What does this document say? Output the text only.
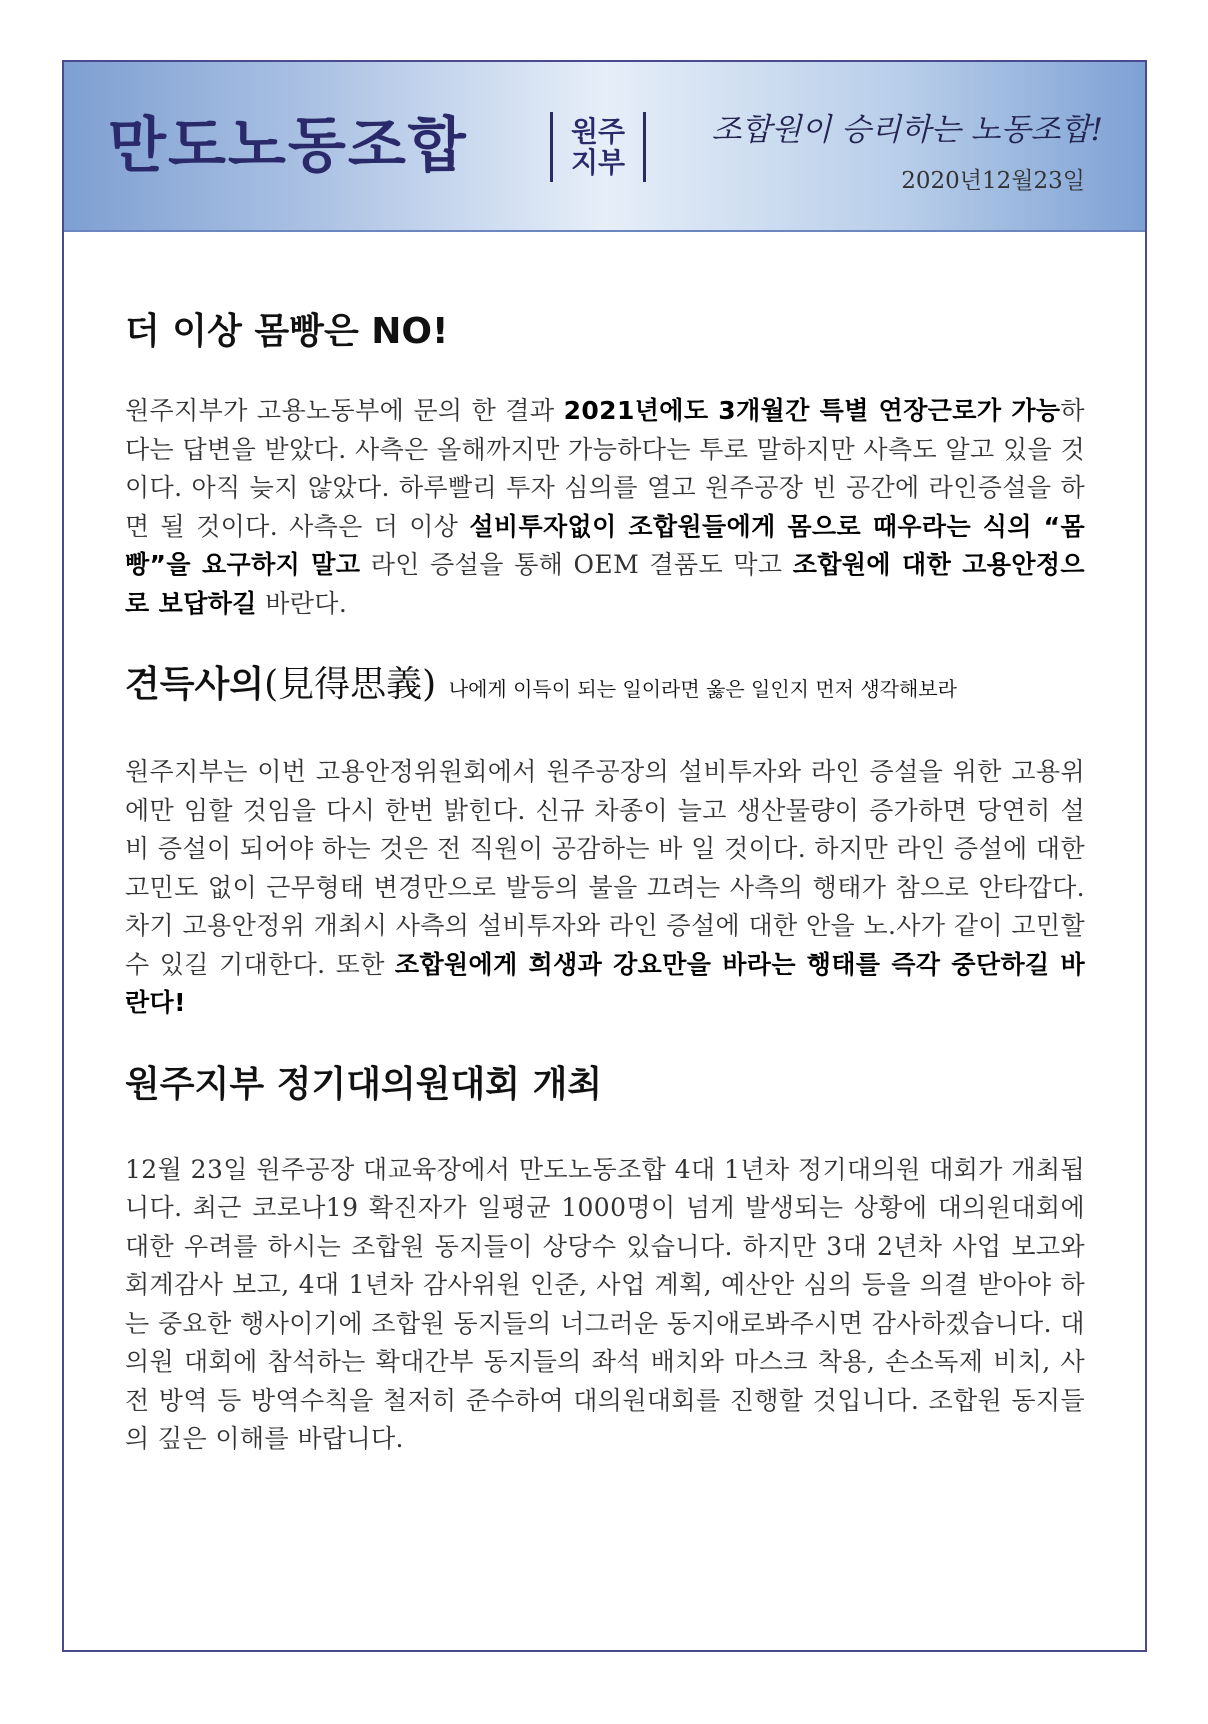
만도노동조합	원주지부
조합원이 승리하는 노동조합!
2020년12월23일
더 이상 몸빵은 NO!

원주지부가 고용노동부에 문의 한 결과 2021년에도 3개월간 특별 연장근로가 가능하다는 답변을 받았다. 사측은 올해까지만 가능하다는 투로 말하지만 사측도 알고 있을 것이다. 아직 늦지 않았다. 하루빨리 투자 심의를 열고 원주공장 빈 공간에 라인증설을 하면 될 것이다. 사측은 더 이상 설비투자없이 조합원들에게 몸으로 때우라는 식의 “몸빵”을 요구하지 말고 라인 증설을 통해 OEM 결품도 막고 조합원에 대한 고용안정으로 보답하길 바란다.

견득사의(見得思義) 나에게 이득이 되는 일이라면 옳은 일인지 먼저 생각해보라

원주지부는 이번 고용안정위원회에서 원주공장의 설비투자와 라인 증설을 위한 고용위에만 임할 것임을 다시 한번 밝힌다. 신규 차종이 늘고 생산물량이 증가하면 당연히 설비 증설이 되어야 하는 것은 전 직원이 공감하는 바 일 것이다. 하지만 라인 증설에 대한 고민도 없이 근무형태 변경만으로 발등의 불을 끄려는 사측의 행태가 참으로 안타깝다. 차기 고용안정위 개최시 사측의 설비투자와 라인 증설에 대한 안을 노.사가 같이 고민할 수 있길 기대한다. 또한 조합원에게 희생과 강요만을 바라는 행태를 즉각 중단하길 바란다!

원주지부 정기대의원대회 개최

12월 23일 원주공장 대교육장에서 만도노동조합 4대 1년차 정기대의원 대회가 개최됩니다. 최근 코로나19 확진자가 일평균 1000명이 넘게 발생되는 상황에 대의원대회에 대한 우려를 하시는 조합원 동지들이 상당수 있습니다. 하지만 3대 2년차 사업 보고와 회계감사 보고, 4대 1년차 감사위원 인준, 사업 계획, 예산안 심의 등을 의결 받아야 하는 중요한 행사이기에 조합원 동지들의 너그러운 동지애로봐주시면 감사하겠습니다. 대의원 대회에 참석하는 확대간부 동지들의 좌석 배치와 마스크 착용, 손소독제 비치, 사전 방역 등 방역수칙을 철저히 준수하여 대의원대회를 진행할 것입니다. 조합원 동지들의 깊은 이해를 바랍니다.
